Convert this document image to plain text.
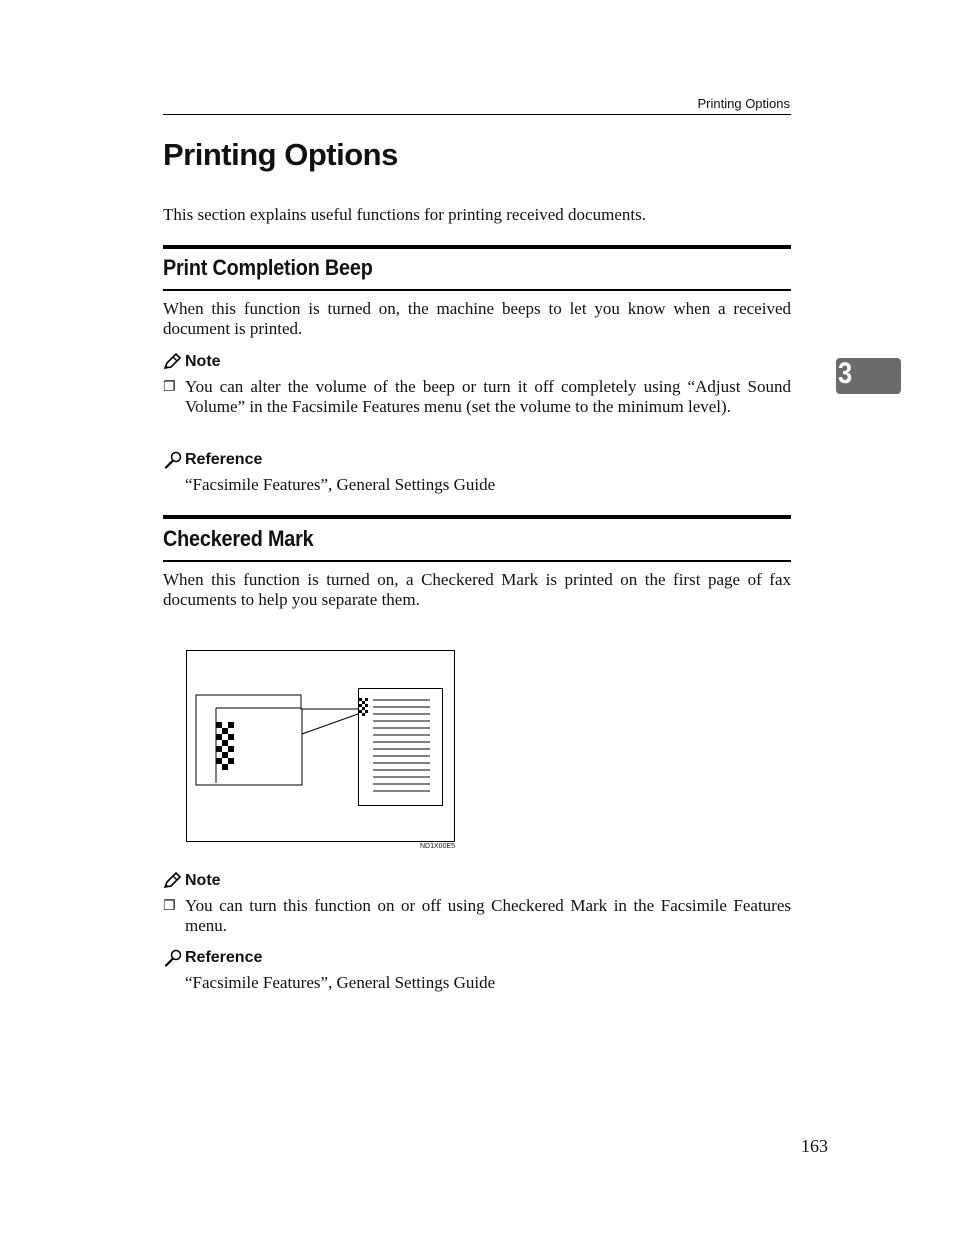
Printing Options
Printing Options

This section explains useful functions for printing received documents.

Print Completion Beep

When this function is turned on, the machine beeps to let you know when a received document is printed.

Note
❐ You can alter the volume of the beep or turn it off completely using “Adjust Sound Volume” in the Facsimile Features menu (set the volume to the minimum level).
Reference
“Facsimile Features”, General Settings Guide
Checkered Mark

When this function is turned on, a Checkered Mark is printed on the first page of fax documents to help you separate them.

ND1X00E5
Note
❐ You can turn this function on or off using Checkered Mark in the Facsimile Features menu.
Reference
“Facsimile Features”, General Settings Guide
3
163
